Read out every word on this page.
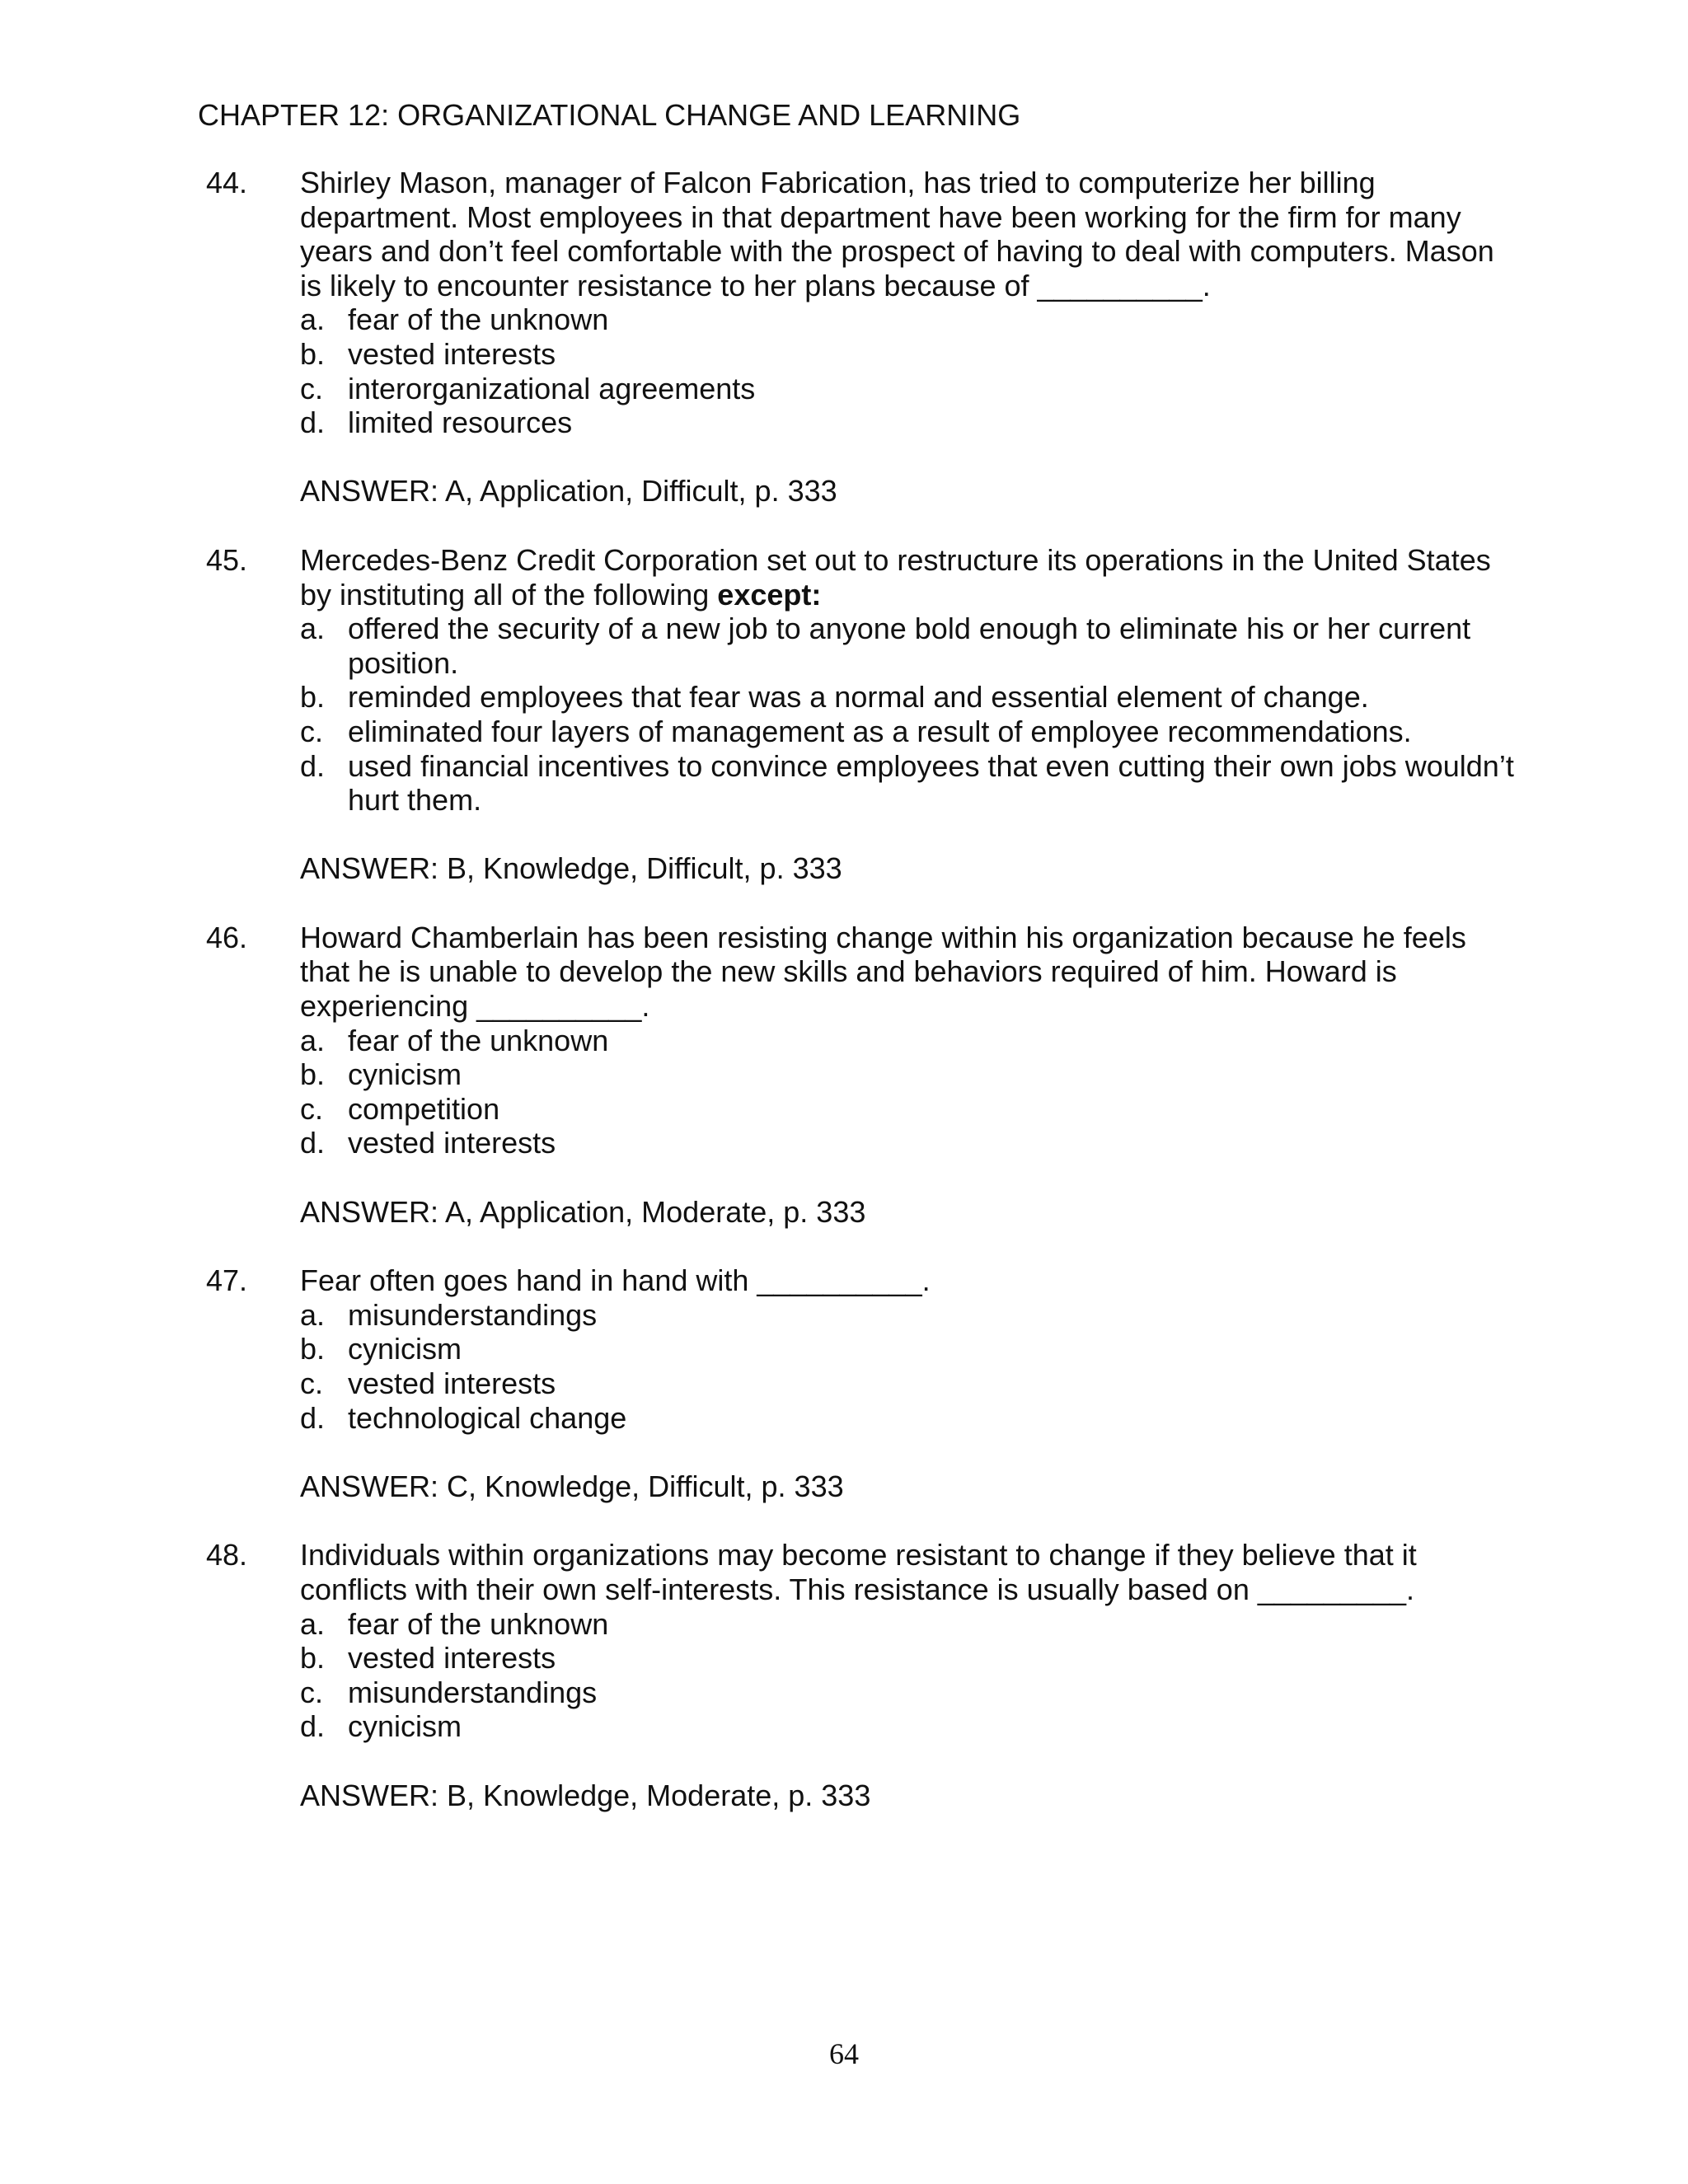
CHAPTER 12: ORGANIZATIONAL CHANGE AND LEARNING
44. Shirley Mason, manager of Falcon Fabrication, has tried to computerize her billing department. Most employees in that department have been working for the firm for many years and don’t feel comfortable with the prospect of having to deal with computers. Mason is likely to encounter resistance to her plans because of __________.
a. fear of the unknown
b. vested interests
c. interorganizational agreements
d. limited resources
ANSWER: A, Application, Difficult, p. 333
45. Mercedes-Benz Credit Corporation set out to restructure its operations in the United States by instituting all of the following except:
a. offered the security of a new job to anyone bold enough to eliminate his or her current position.
b. reminded employees that fear was a normal and essential element of change.
c. eliminated four layers of management as a result of employee recommendations.
d. used financial incentives to convince employees that even cutting their own jobs wouldn’t hurt them.
ANSWER: B, Knowledge, Difficult, p. 333
46. Howard Chamberlain has been resisting change within his organization because he feels that he is unable to develop the new skills and behaviors required of him. Howard is experiencing __________.
a. fear of the unknown
b. cynicism
c. competition
d. vested interests
ANSWER: A, Application, Moderate, p. 333
47. Fear often goes hand in hand with __________.
a. misunderstandings
b. cynicism
c. vested interests
d. technological change
ANSWER: C, Knowledge, Difficult, p. 333
48. Individuals within organizations may become resistant to change if they believe that it conflicts with their own self-interests. This resistance is usually based on _________.
a. fear of the unknown
b. vested interests
c. misunderstandings
d. cynicism
ANSWER: B, Knowledge, Moderate, p. 333
64
